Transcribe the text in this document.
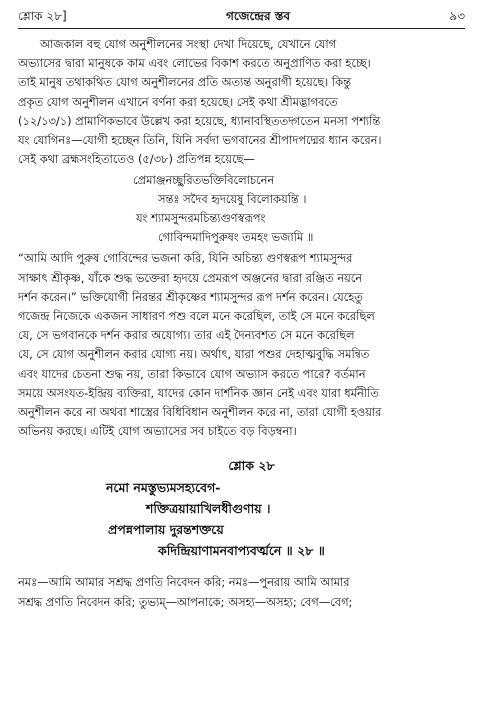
শ্লোক ২৮]	গজেন্দ্রের স্তব	৯৩

আজকাল বহু যোগ অনুশীলনের সংস্থা দেখা দিয়েছে, যেখানে যোগ

অভ্যাসের দ্বারা মানুষকে কাম এবং লোভের বিকাশ করতে অনুপ্রাণিত করা হচ্ছে।

তাই মানুষ তথাকথিত যোগ অনুশীলনের প্রতি অত্যন্ত অনুরাগী হয়েছে। কিন্তু

প্রকৃত যোগ অনুশীলন এখানে বর্ণনা করা হয়েছে। সেই কথা শ্রীমদ্ভাগবতে

(১২/১৩/১) প্রামাণিকভাবে উল্লেখ করা হয়েছে, ধ্যানাবস্থিততদ্গতেন মনসা পশ্যন্তি

যং যোগিনঃ—যোগী হচ্ছেন তিনি, যিনি সর্বদা ভগবানের শ্রীপাদপদ্মের ধ্যান করেন।

সেই কথা ব্রহ্মসংহিতাতেও (৫/৩৮) প্রতিপন্ন হয়েছে—

প্রেমাঞ্জনচ্ছুরিতভক্তিবিলোচনেন

সন্তঃ সদৈব হৃদয়েষু বিলোকয়ন্তি ।

যং শ্যামসুন্দরমচিন্ত্যগুণস্বরূপং

গোবিন্দমাদিপুরুষং তমহং ভজামি ॥

“আমি আদি পুরুষ গোবিন্দের ভজনা করি, যিনি অচিন্ত্য গুণস্বরূপ শ্যামসুন্দর

সাক্ষাৎ শ্রীকৃষ্ণ, যাঁকে শুদ্ধ ভক্তেরা হৃদয়ে প্রেমরূপ অঞ্জনের দ্বারা রঞ্জিত নয়নে

দর্শন করেন।” ভক্তিযোগী নিরন্তর শ্রীকৃষ্ণের শ্যামসুন্দর রূপ দর্শন করেন। যেহেতু

গজেন্দ্র নিজেকে একজন সাধারণ পশু বলে মনে করেছিল, তাই সে মনে করেছিল

যে, সে ভগবানকে দর্শন করার অযোগ্য। তার এই দৈন্যবশত সে মনে করেছিল

যে, সে যোগ অনুশীলন করার যোগ্য নয়। অর্থাৎ, যারা পশুর দেহাত্মবুদ্ধি সমন্বিত

এবং যাদের চেতনা শুদ্ধ নয়, তারা কিভাবে যোগ অভ্যাস করতে পারে? বর্তমান

সময়ে অসংযত-ইন্দ্রিয় ব্যক্তিরা, যাদের কোন দার্শনিক জ্ঞান নেই এবং যারা ধর্মনীতি

অনুশীলন করে না অথবা শাস্ত্রের বিধিবিধান অনুশীলন করে না, তারা যোগী হওয়ার

অভিনয় করছে। এটিই যোগ অভ্যাসের সব চাইতে বড় বিড়ম্বনা।

শ্লোক ২৮

নমো নমস্তুভ্যমসহ্যবেগ-

শক্তিত্রয়ায়াখিলধীগুণায় ।

প্রপন্নপালায় দুরন্তশক্তয়ে

কদিন্দ্রিয়াণামনবাপ্যবর্ত্মনে ॥ ২৮ ॥

নমঃ—আমি আমার সশ্রদ্ধ প্রণতি নিবেদন করি; নমঃ—পুনরায় আমি আমার

সশ্রদ্ধ প্রণতি নিবেদন করি; তুভ্যম্—আপনাকে; অসহ্য—অসহ্য; বেগ—বেগ;
